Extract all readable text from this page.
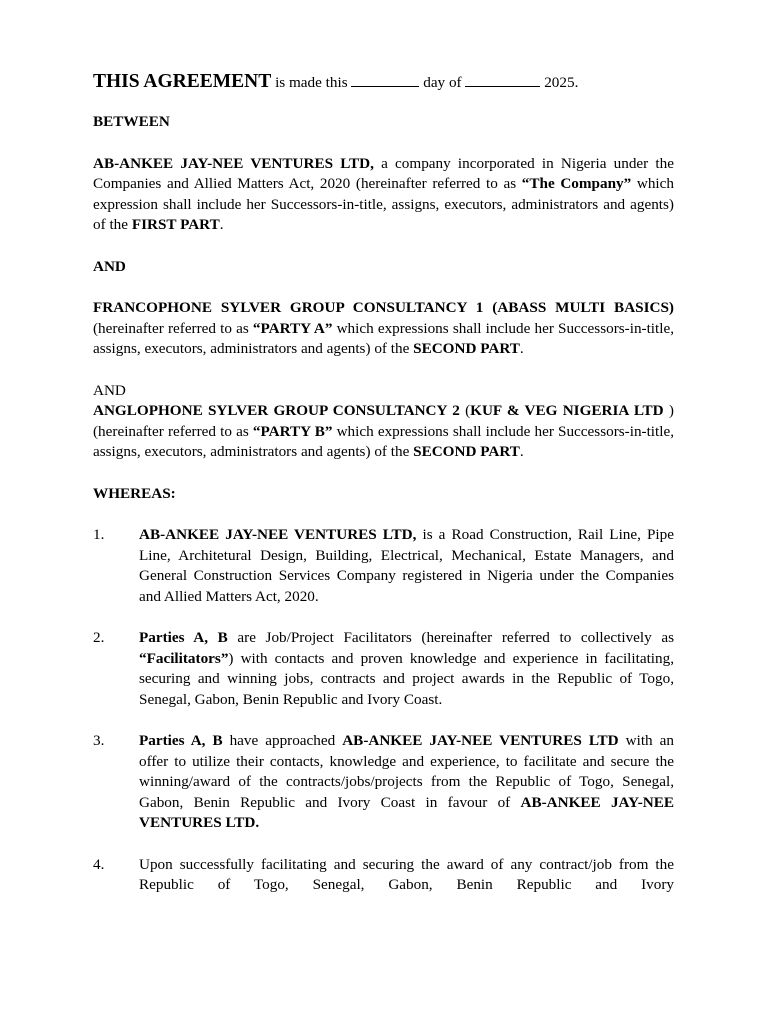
THIS AGREEMENT is made this	day of	2025.

BETWEEN

AB-ANKEE JAY-NEE VENTURES LTD, a company incorporated in Nigeria under the Companies and Allied Matters Act, 2020 (hereinafter referred to as “The Company” which expression shall include her Successors-in-title, assigns, executors, administrators and agents) of the FIRST PART.

AND

FRANCOPHONE SYLVER GROUP CONSULTANCY 1 (ABASS MULTI BASICS) (hereinafter referred to as “PARTY A” which expressions shall include her Successors-in-title, assigns, executors, administrators and agents) of the SECOND PART.

AND

ANGLOPHONE SYLVER GROUP CONSULTANCY 2 (KUF & VEG NIGERIA LTD ) (hereinafter referred to as “PARTY B” which expressions shall include her Successors-in-title, assigns, executors, administrators and agents) of the SECOND PART.

WHEREAS:

1.	AB-ANKEE JAY-NEE VENTURES LTD, is a Road Construction, Rail Line, Pipe Line, Architetural Design, Building, Electrical, Mechanical, Estate Managers, and General Construction Services Company registered in Nigeria under the Companies and Allied Matters Act, 2020.
2.	Parties A, B are Job/Project Facilitators (hereinafter referred to collectively as “Facilitators”) with contacts and proven knowledge and experience in facilitating, securing and winning jobs, contracts and project awards in the Republic of Togo, Senegal, Gabon, Benin Republic and Ivory Coast.
3.	Parties A, B have approached AB-ANKEE JAY-NEE VENTURES LTD with an offer to utilize their contacts, knowledge and experience, to facilitate and secure the winning/award of the contracts/jobs/projects from the Republic of Togo, Senegal, Gabon, Benin Republic and Ivory Coast in favour of AB-ANKEE JAY-NEE VENTURES LTD.
4.	Upon successfully facilitating and securing the award of any contract/job from the Republic of Togo, Senegal, Gabon, Benin Republic and Ivory
